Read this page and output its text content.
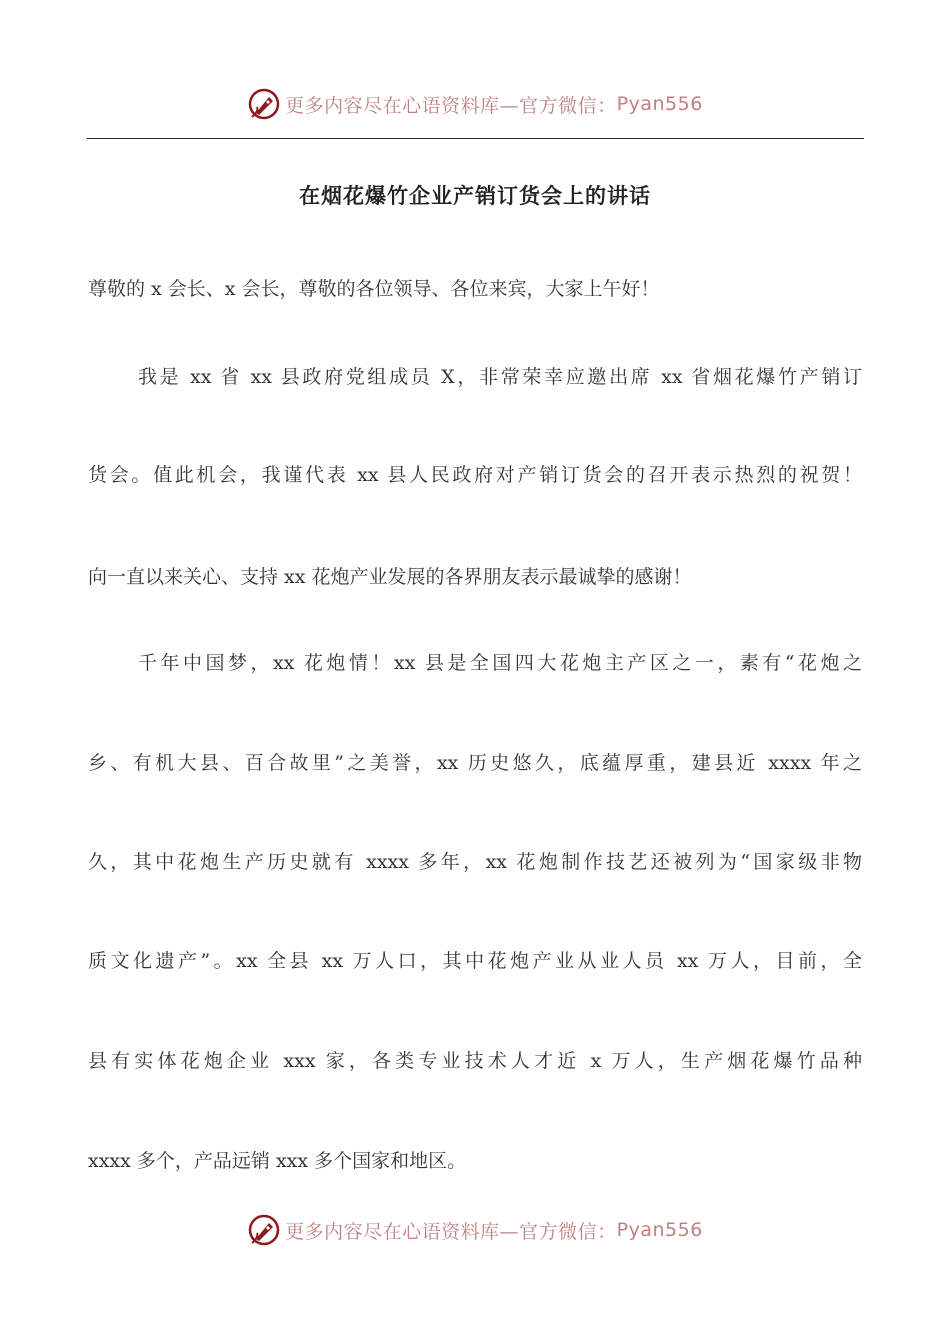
更多内容尽在心语资料库—官方微信： Pyan556
在烟花爆竹企业产销订货会上的讲话
尊敬的 x 会长、x 会长，尊敬的各位领导、各位来宾，大家上午好！
我是 xx 省 xx 县政府党组成员 X，非常荣幸应邀出席 xx 省烟花爆竹产销订
货会。值此机会，我谨代表 xx 县人民政府对产销订货会的召开表示热烈的祝贺！
向一直以来关心、支持 xx 花炮产业发展的各界朋友表示最诚挚的感谢！
千年中国梦，xx 花炮情！xx 县是全国四大花炮主产区之一，素有“花炮之
乡、有机大县、百合故里”之美誉，xx 历史悠久，底蕴厚重，建县近 xxxx 年之
久，其中花炮生产历史就有 xxxx 多年，xx 花炮制作技艺还被列为“国家级非物
质文化遗产”。xx 全县 xx 万人口，其中花炮产业从业人员 xx 万人，目前，全
县有实体花炮企业 xxx 家，各类专业技术人才近 x 万人，生产烟花爆竹品种
xxxx 多个，产品远销 xxx 多个国家和地区。
更多内容尽在心语资料库—官方微信： Pyan556
